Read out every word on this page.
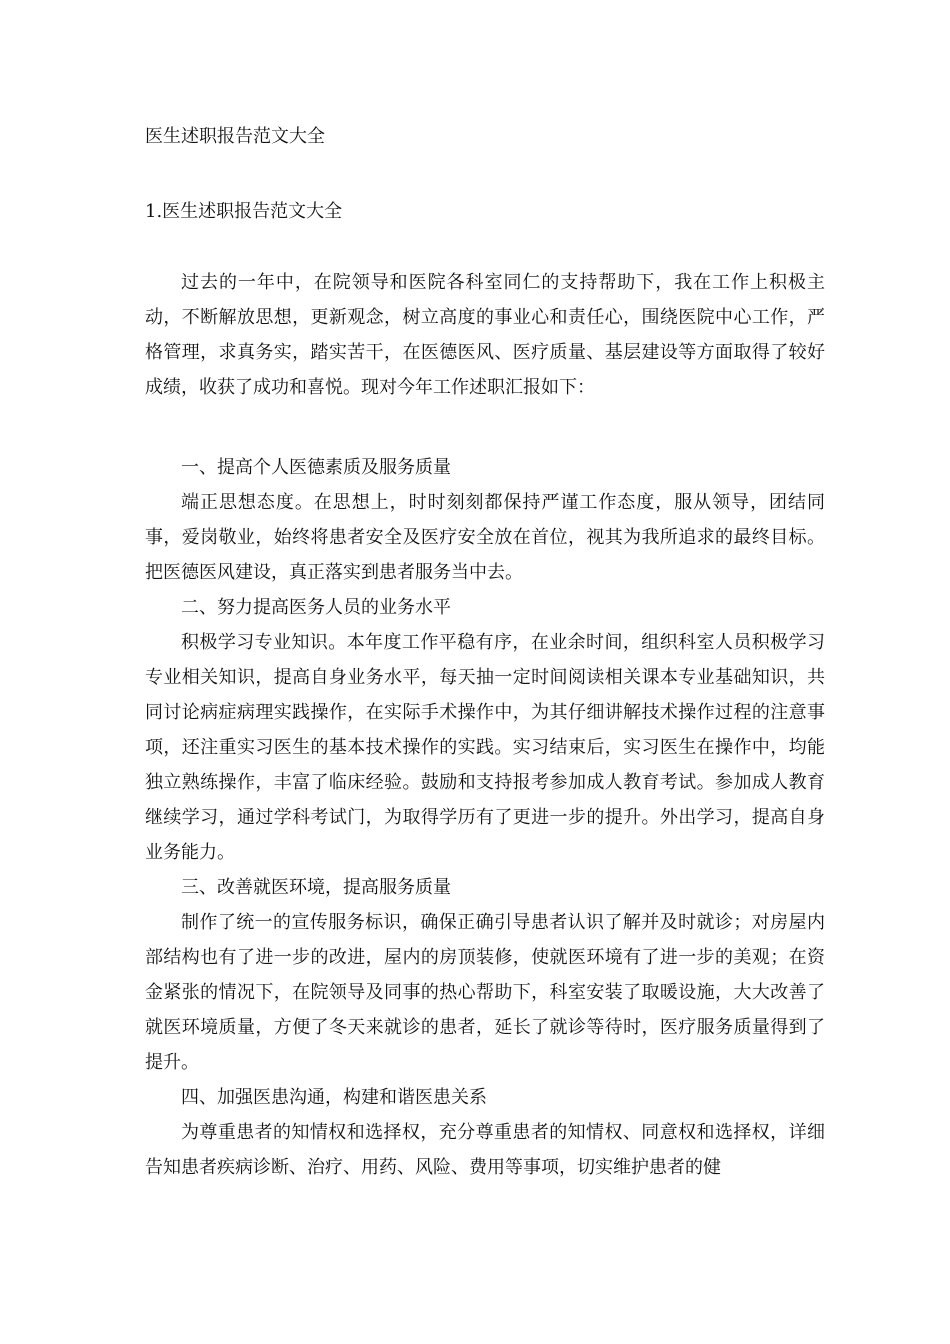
医生述职报告范文大全
1.医生述职报告范文大全

过去的一年中，在院领导和医院各科室同仁的支持帮助下，我在工作上积极主动，不断解放思想，更新观念，树立高度的事业心和责任心，围绕医院中心工作，严格管理，求真务实，踏实苦干，在医德医风、医疗质量、基层建设等方面取得了较好成绩，收获了成功和喜悦。现对今年工作述职汇报如下：

一、提高个人医德素质及服务质量

端正思想态度。在思想上，时时刻刻都保持严谨工作态度，服从领导，团结同事，爱岗敬业，始终将患者安全及医疗安全放在首位，视其为我所追求的最终目标。把医德医风建设，真正落实到患者服务当中去。

二、努力提高医务人员的业务水平

积极学习专业知识。本年度工作平稳有序，在业余时间，组织科室人员积极学习专业相关知识，提高自身业务水平，每天抽一定时间阅读相关课本专业基础知识，共同讨论病症病理实践操作，在实际手术操作中，为其仔细讲解技术操作过程的注意事项，还注重实习医生的基本技术操作的实践。实习结束后，实习医生在操作中，均能独立熟练操作，丰富了临床经验。鼓励和支持报考参加成人教育考试。参加成人教育继续学习，通过学科考试门，为取得学历有了更进一步的提升。外出学习，提高自身业务能力。

三、改善就医环境，提高服务质量

制作了统一的宣传服务标识，确保正确引导患者认识了解并及时就诊；对房屋内部结构也有了进一步的改进，屋内的房顶装修，使就医环境有了进一步的美观；在资金紧张的情况下，在院领导及同事的热心帮助下，科室安装了取暖设施，大大改善了就医环境质量，方便了冬天来就诊的患者，延长了就诊等待时，医疗服务质量得到了提升。

四、加强医患沟通，构建和谐医患关系

为尊重患者的知情权和选择权，充分尊重患者的知情权、同意权和选择权，详细告知患者疾病诊断、治疗、用药、风险、费用等事项，切实维护患者的健
